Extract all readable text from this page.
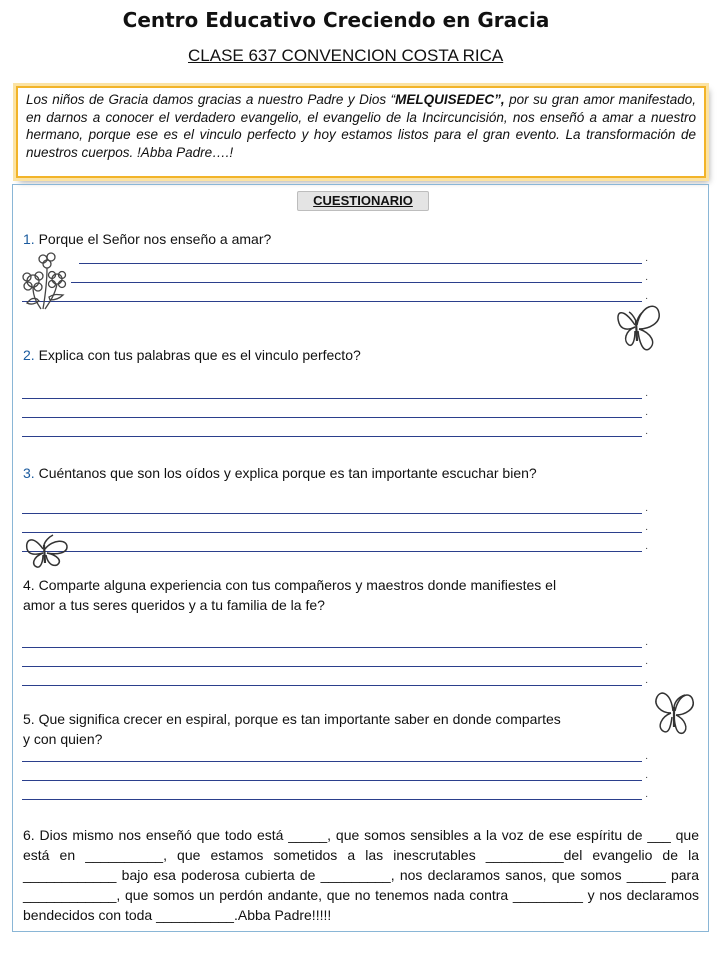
Centro Educativo Creciendo en Gracia
CLASE 637 CONVENCION COSTA RICA

Los niños de Gracia damos gracias a nuestro Padre y Dios “MELQUISEDEC”, por su gran amor manifestado, en darnos a conocer el verdadero evangelio, el evangelio de la Incircuncisión, nos enseñó a amar a nuestro hermano, porque ese es el vinculo perfecto y hoy estamos listos para el gran evento. La transformación de nuestros cuerpos. !Abba Padre….!

CUESTIONARIO
1. Porque el Señor nos enseño a amar?
.
.
.
2. Explica con tus palabras que es el vinculo perfecto?
.
.
.
3. Cuéntanos que son los oídos y explica porque es tan importante escuchar bien?
.
.
.
4. Comparte alguna experiencia con tus compañeros y maestros donde manifiestes el
amor a tus seres queridos y a tu familia de la fe?
.
.
.
5. Que significa crecer en espiral, porque es tan importante saber en donde compartes
y con quien?
.
.
.

6. Dios mismo nos enseñó que todo está _____, que somos sensibles a la voz de ese espíritu de ___ que está en __________, que estamos sometidos a las inescrutables __________del evangelio de la ____________ bajo esa poderosa cubierta de _________, nos declaramos sanos, que somos _____ para ____________, que somos un perdón andante, que no tenemos nada contra _________ y nos declaramos bendecidos con toda __________.Abba Padre!!!!!
